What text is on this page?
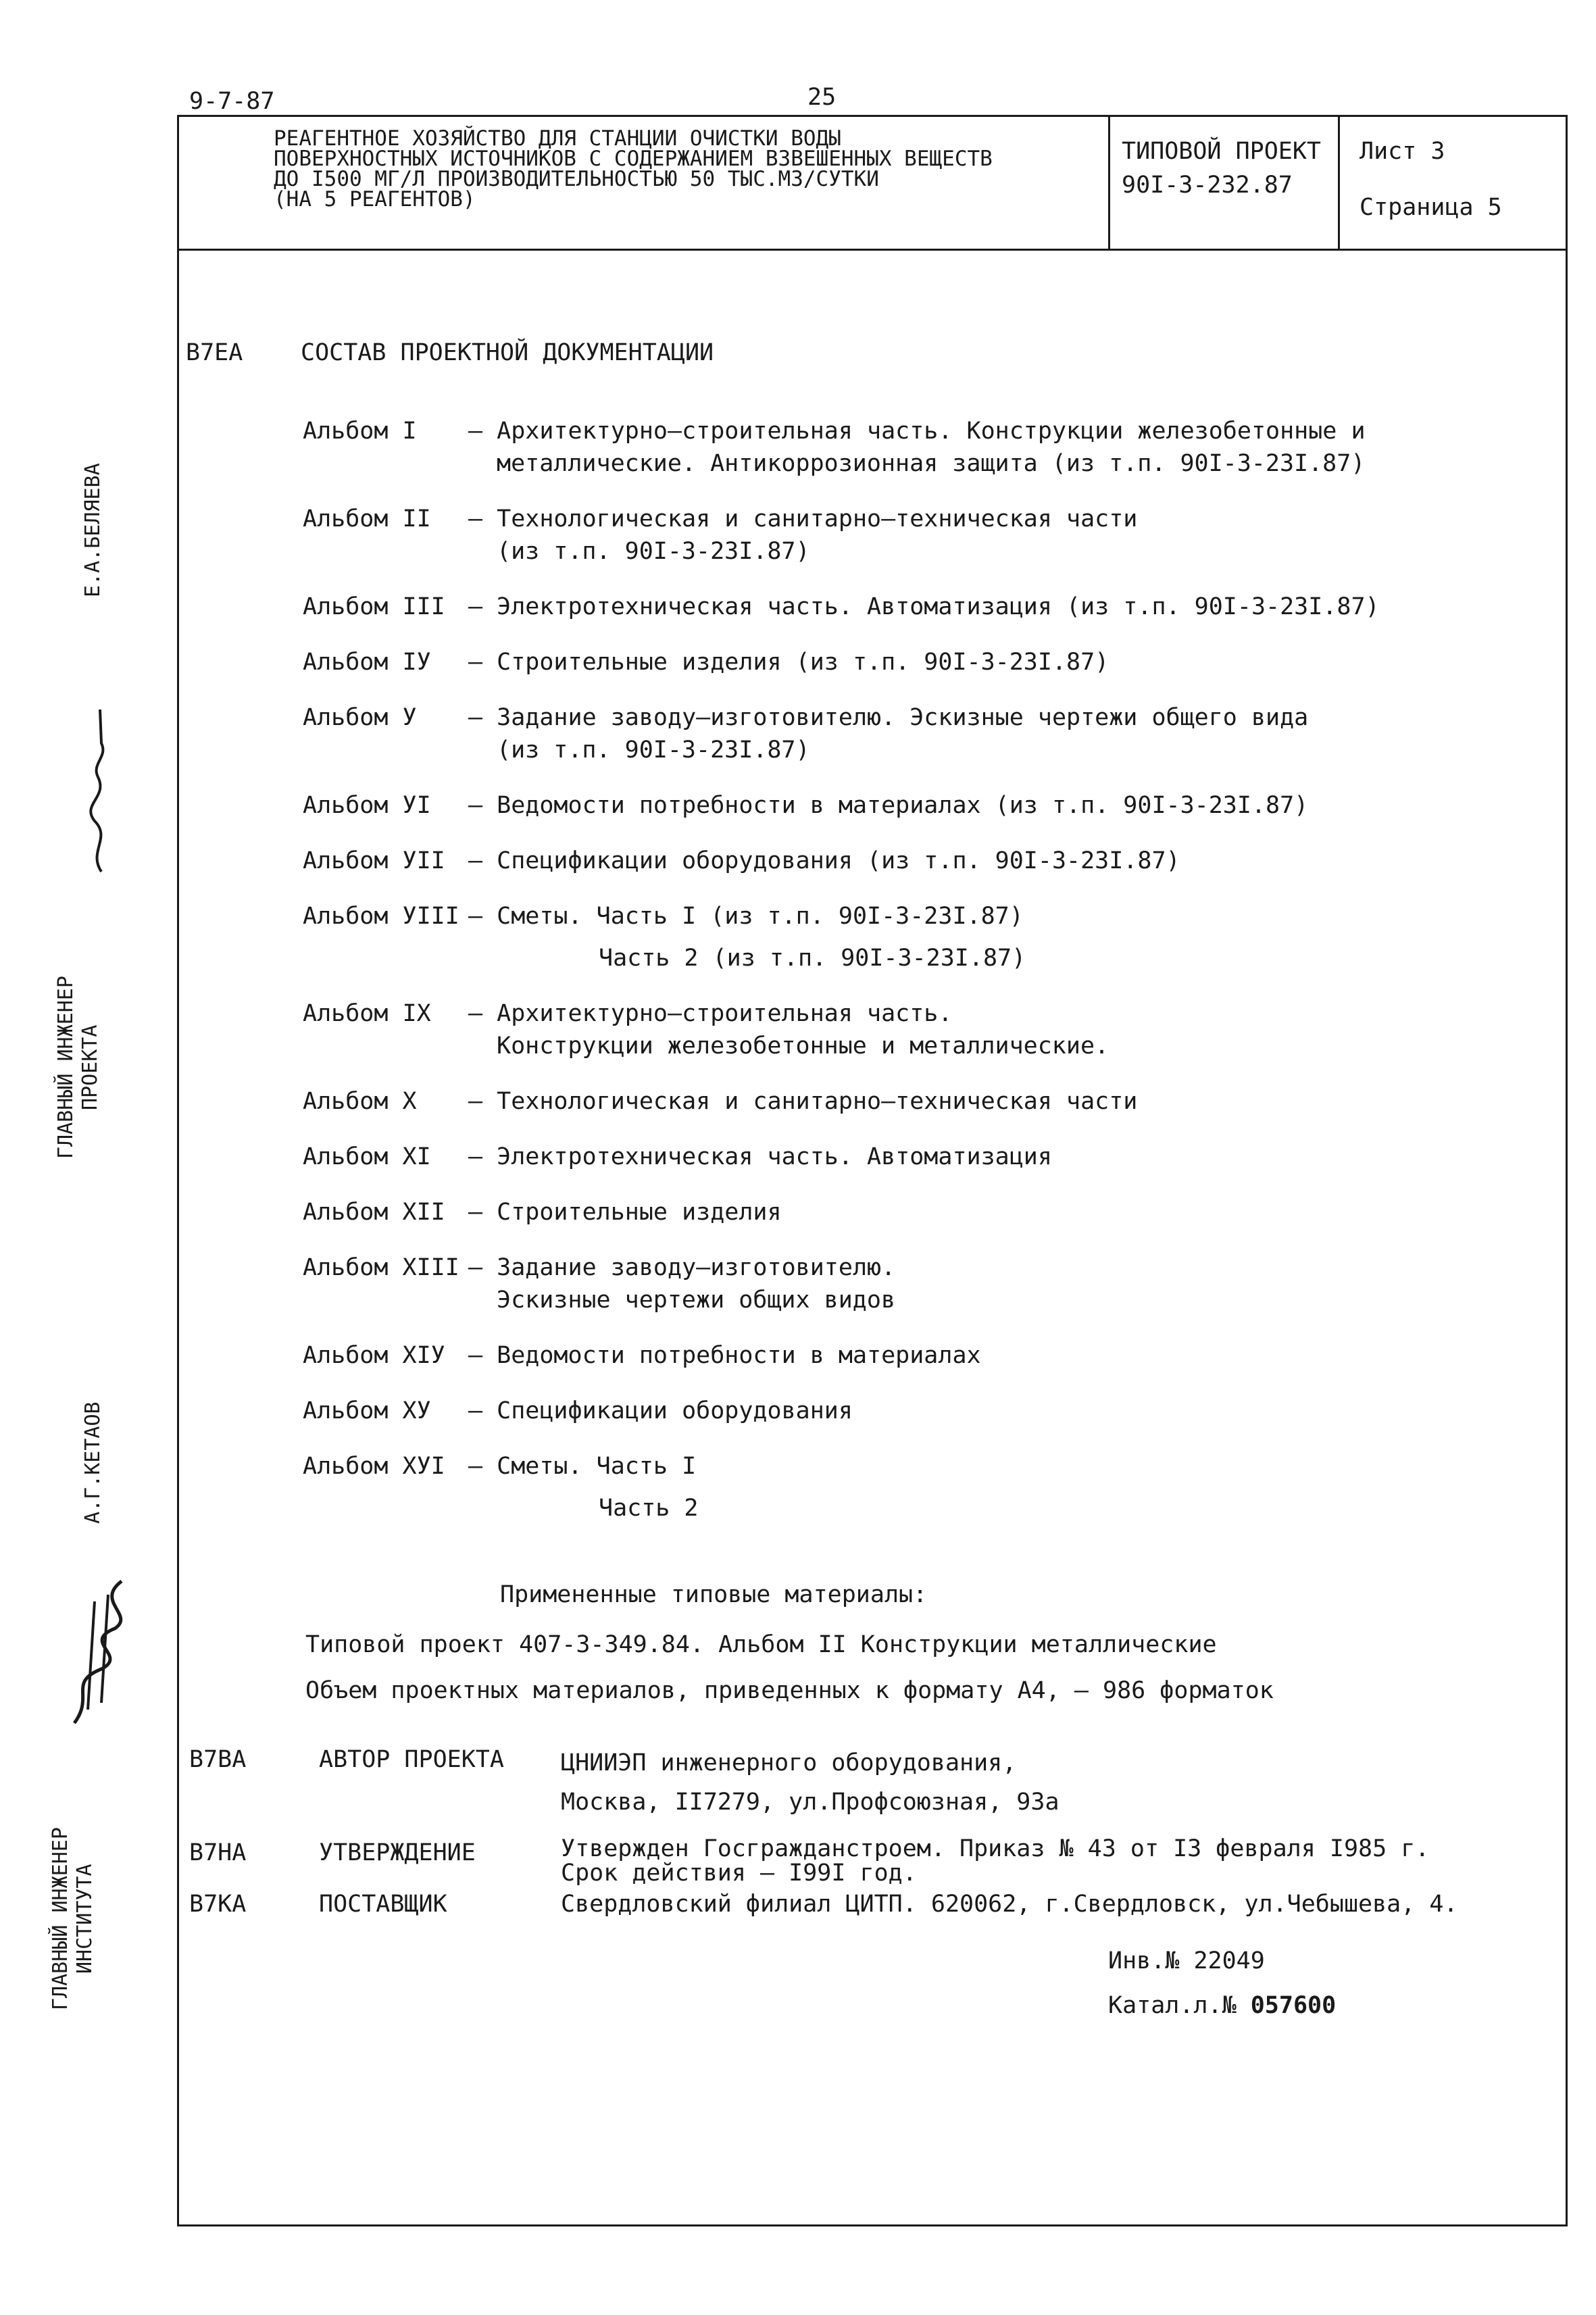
9-7-87	25
РЕАГЕНТНОЕ ХОЗЯЙСТВО ДЛЯ СТАНЦИИ ОЧИСТКИ ВОДЫ
ПОВЕРХНОСТНЫХ ИСТОЧНИКОВ С СОДЕРЖАНИЕМ ВЗВЕШЕННЫХ ВЕЩЕСТВ
ДО I500 МГ/Л ПРОИЗВОДИТЕЛЬНОСТЬЮ 50 ТЫС.М3/СУТКИ
(НА 5 РЕАГЕНТОВ)
ТИПОВОЙ ПРОЕКТ
90I-3-232.87
Лист 3
Страница 5
Е.А.БЕЛЯЕВА
ГЛАВНЫЙ ИНЖЕНЕР ПРОЕКТА
А.Г.КЕТАОВ
ГЛАВНЫЙ ИНЖЕНЕР ИНСТИТУТА
В7ЕА СОСТАВ ПРОЕКТНОЙ ДОКУМЕНТАЦИИ
Альбом I	– Архитектурно–строительная часть. Конструкции железобетонные и
металлические. Антикоррозионная защита (из т.п. 90I-3-23I.87)
Альбом II	– Технологическая и санитарно–техническая части
(из т.п. 90I-3-23I.87)
Альбом III – Электротехническая часть. Автоматизация (из т.п. 90I-3-23I.87)
Альбом IУ	– Строительные изделия (из т.п. 90I-3-23I.87)
Альбом У	– Задание заводу–изготовителю. Эскизные чертежи общего вида
(из т.п. 90I-3-23I.87)
Альбом УI	– Ведомости потребности в материалах (из т.п. 90I-3-23I.87)
Альбом УII – Спецификации оборудования (из т.п. 90I-3-23I.87)
Альбом УIII – Сметы. Часть I (из т.п. 90I-3-23I.87)
Часть 2 (из т.п. 90I-3-23I.87)
Альбом IX	– Архитектурно–строительная часть.
Конструкции железобетонные и металлические.
Альбом X	– Технологическая и санитарно–техническая части
Альбом XI	– Электротехническая часть. Автоматизация
Альбом XII – Строительные изделия
Альбом XIII – Задание заводу–изготовителю.
Эскизные чертежи общих видов
Альбом XIУ – Ведомости потребности в материалах
Альбом XУ	– Спецификации оборудования
Альбом XУI – Сметы. Часть I
Часть 2
Примененные типовые материалы:
Типовой проект 407-3-349.84. Альбом II Конструкции металлические
Объем проектных материалов, приведенных к формату А4, – 986 форматок
В7ВА	АВТОР ПРОЕКТА ЦНИИЭП инженерного оборудования,
Москва, II7279, ул.Профсоюзная, 93а
В7НА	УТВЕРЖДЕНИЕ	Утвержден Госгражданстроем. Приказ № 43 от I3 февраля I985 г.
Срок действия – I99I год.
В7КА	ПОСТАВЩИК	Свердловский филиал ЦИТП. 620062, г.Свердловск, ул.Чебышева, 4.
Инв.№ 22049
Катал.л.№ 057600
